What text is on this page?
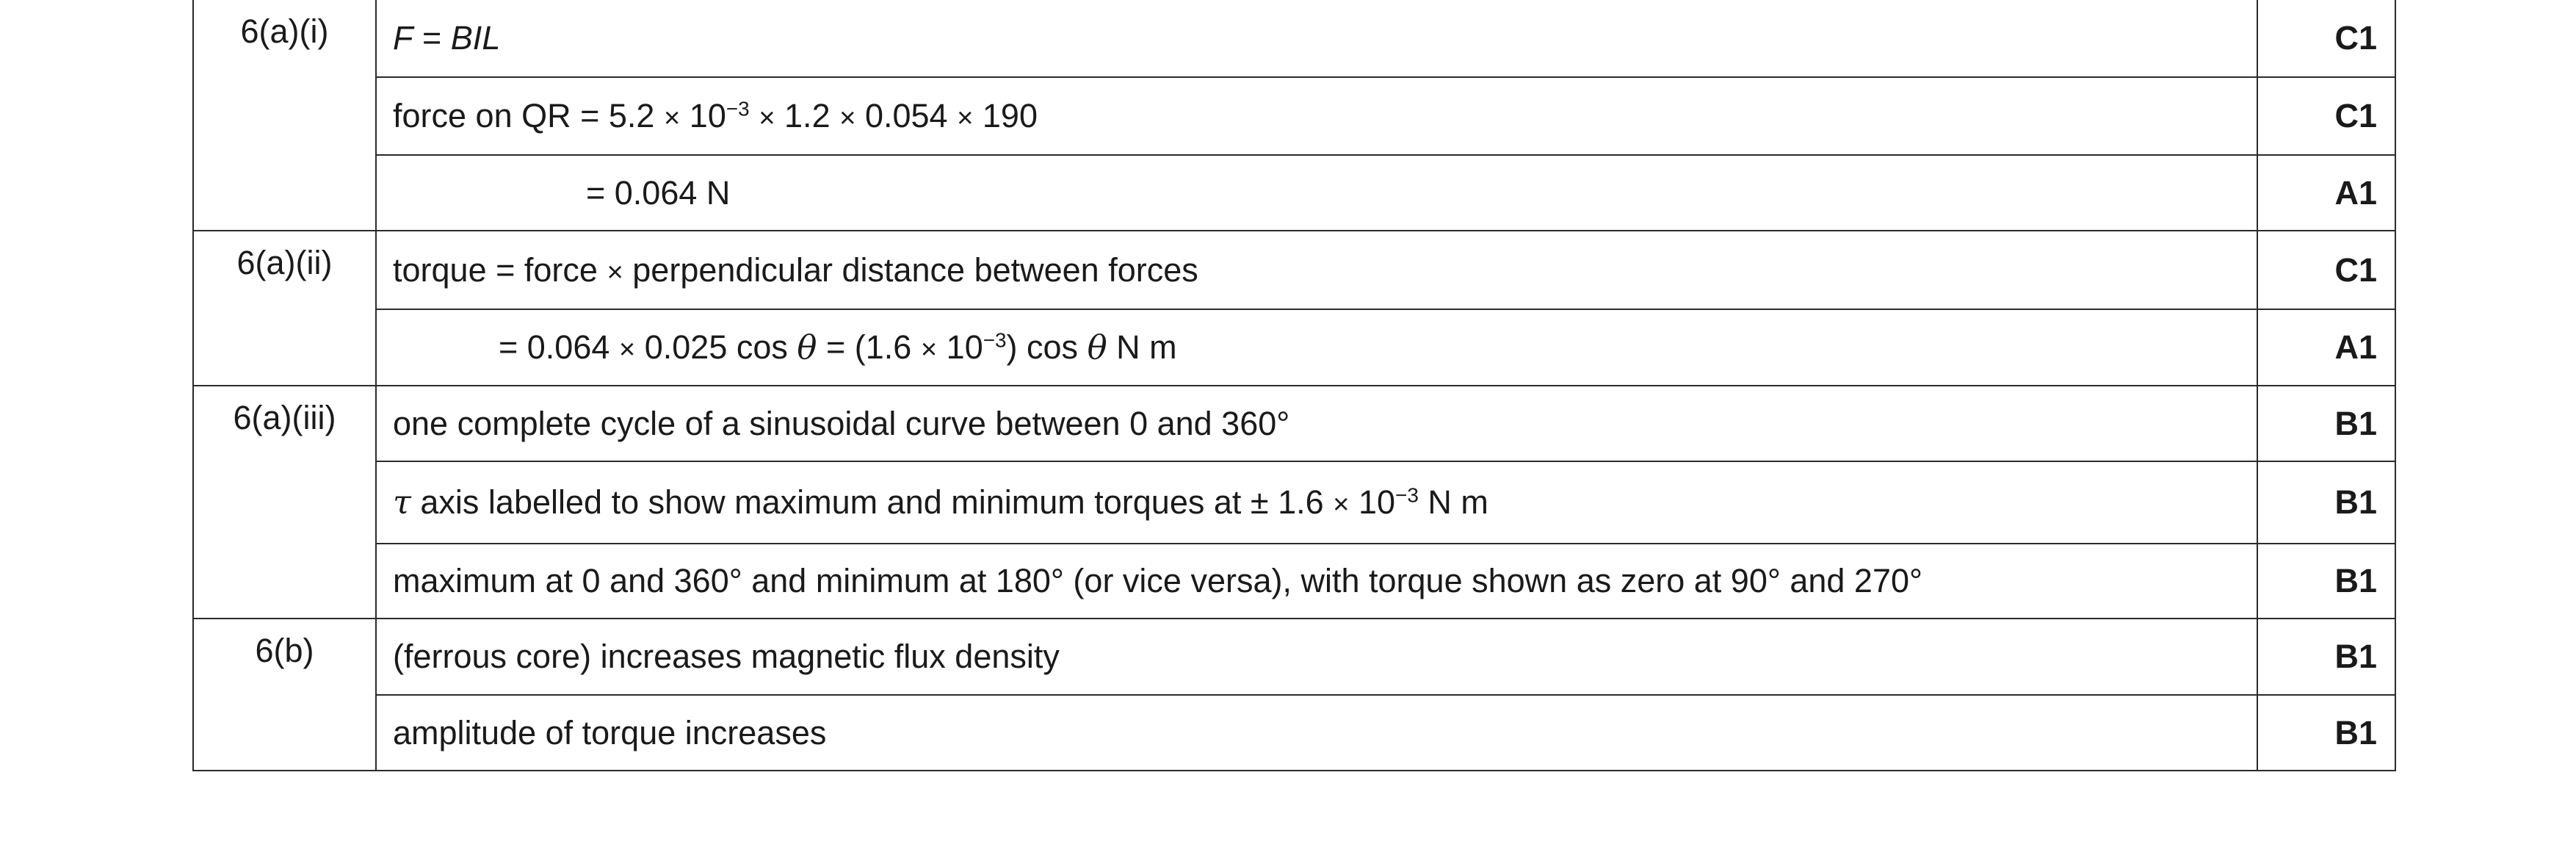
6(a)(i)	F = BIL	C1
	force on QR = $5.2 \times 10^{-3} \times 1.2 \times 0.054 \times 190$	C1
	= 0.064 N	A1
6(a)(ii)	torque = force × perpendicular distance between forces	C1
	= 0.064 × 0.025 $\cos \theta = (1.6 \times 10^{-3})$ cos θ N m	A1
6(a)(iii)	one complete cycle of a sinusoidal curve between 0 and 360°	B1
	τ axis labelled to show maximum and minimum torques at ± $1.6 \times 10^{-3}$ N m	B1
	maximum at 0 and 360° and minimum at 180° (or vice versa), with torque shown as zero at 90° and 270°	B1
6(b)	(ferrous core) increases magnetic flux density	B1
	amplitude of torque increases	B1
